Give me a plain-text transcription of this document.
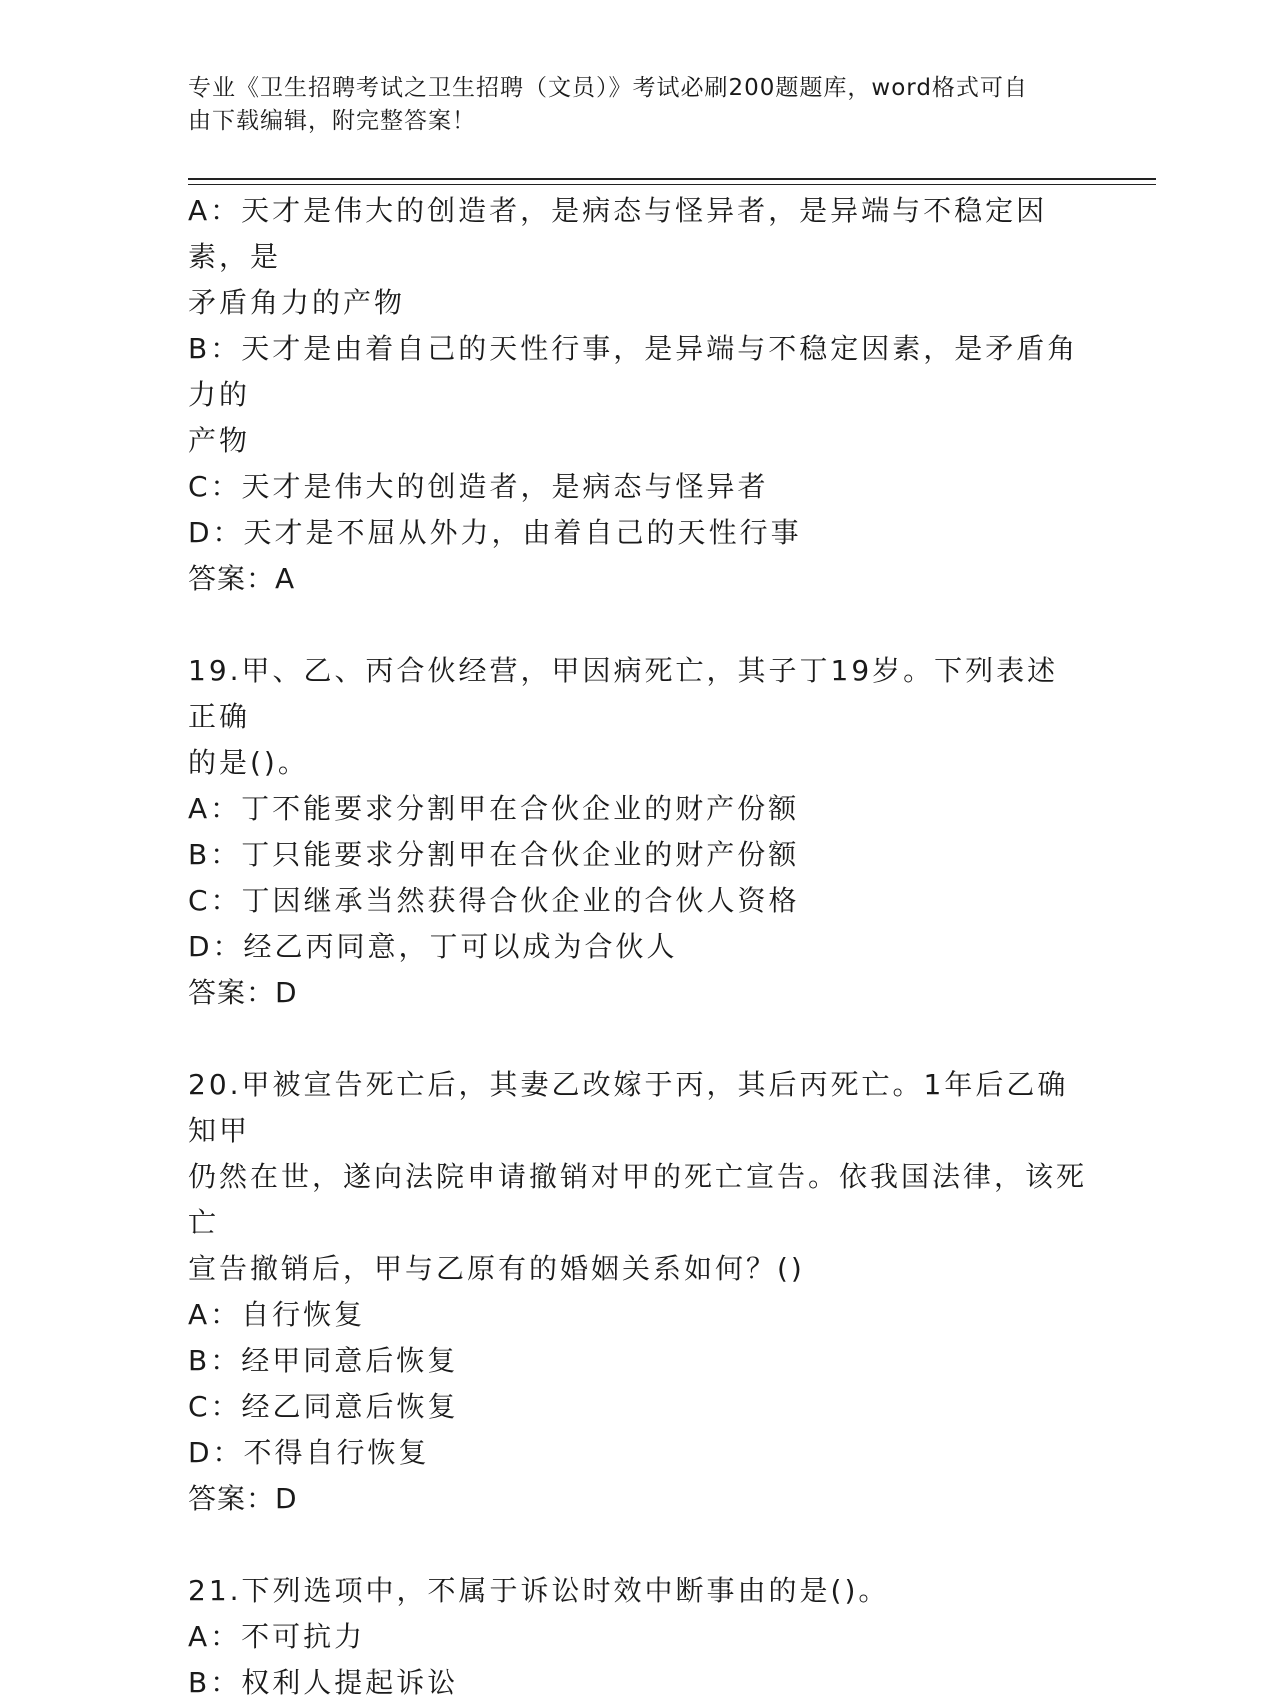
专业《卫生招聘考试之卫生招聘（文员）》考试必刷200题题库，word格式可自
由下载编辑，附完整答案！

A：天才是伟大的创造者，是病态与怪异者，是异端与不稳定因素，是

矛盾角力的产物

B：天才是由着自己的天性行事，是异端与不稳定因素，是矛盾角力的

产物

C：天才是伟大的创造者，是病态与怪异者

D：天才是不屈从外力，由着自己的天性行事

答案：A

19.甲、乙、丙合伙经营，甲因病死亡，其子丁19岁。下列表述正确

的是()。

A：丁不能要求分割甲在合伙企业的财产份额

B：丁只能要求分割甲在合伙企业的财产份额

C：丁因继承当然获得合伙企业的合伙人资格

D：经乙丙同意，丁可以成为合伙人

答案：D

20.甲被宣告死亡后，其妻乙改嫁于丙，其后丙死亡。1年后乙确知甲

仍然在世，遂向法院申请撤销对甲的死亡宣告。依我国法律，该死亡

宣告撤销后，甲与乙原有的婚姻关系如何？()

A：自行恢复

B：经甲同意后恢复

C：经乙同意后恢复

D：不得自行恢复

答案：D

21.下列选项中，不属于诉讼时效中断事由的是()。

A：不可抗力

B：权利人提起诉讼
